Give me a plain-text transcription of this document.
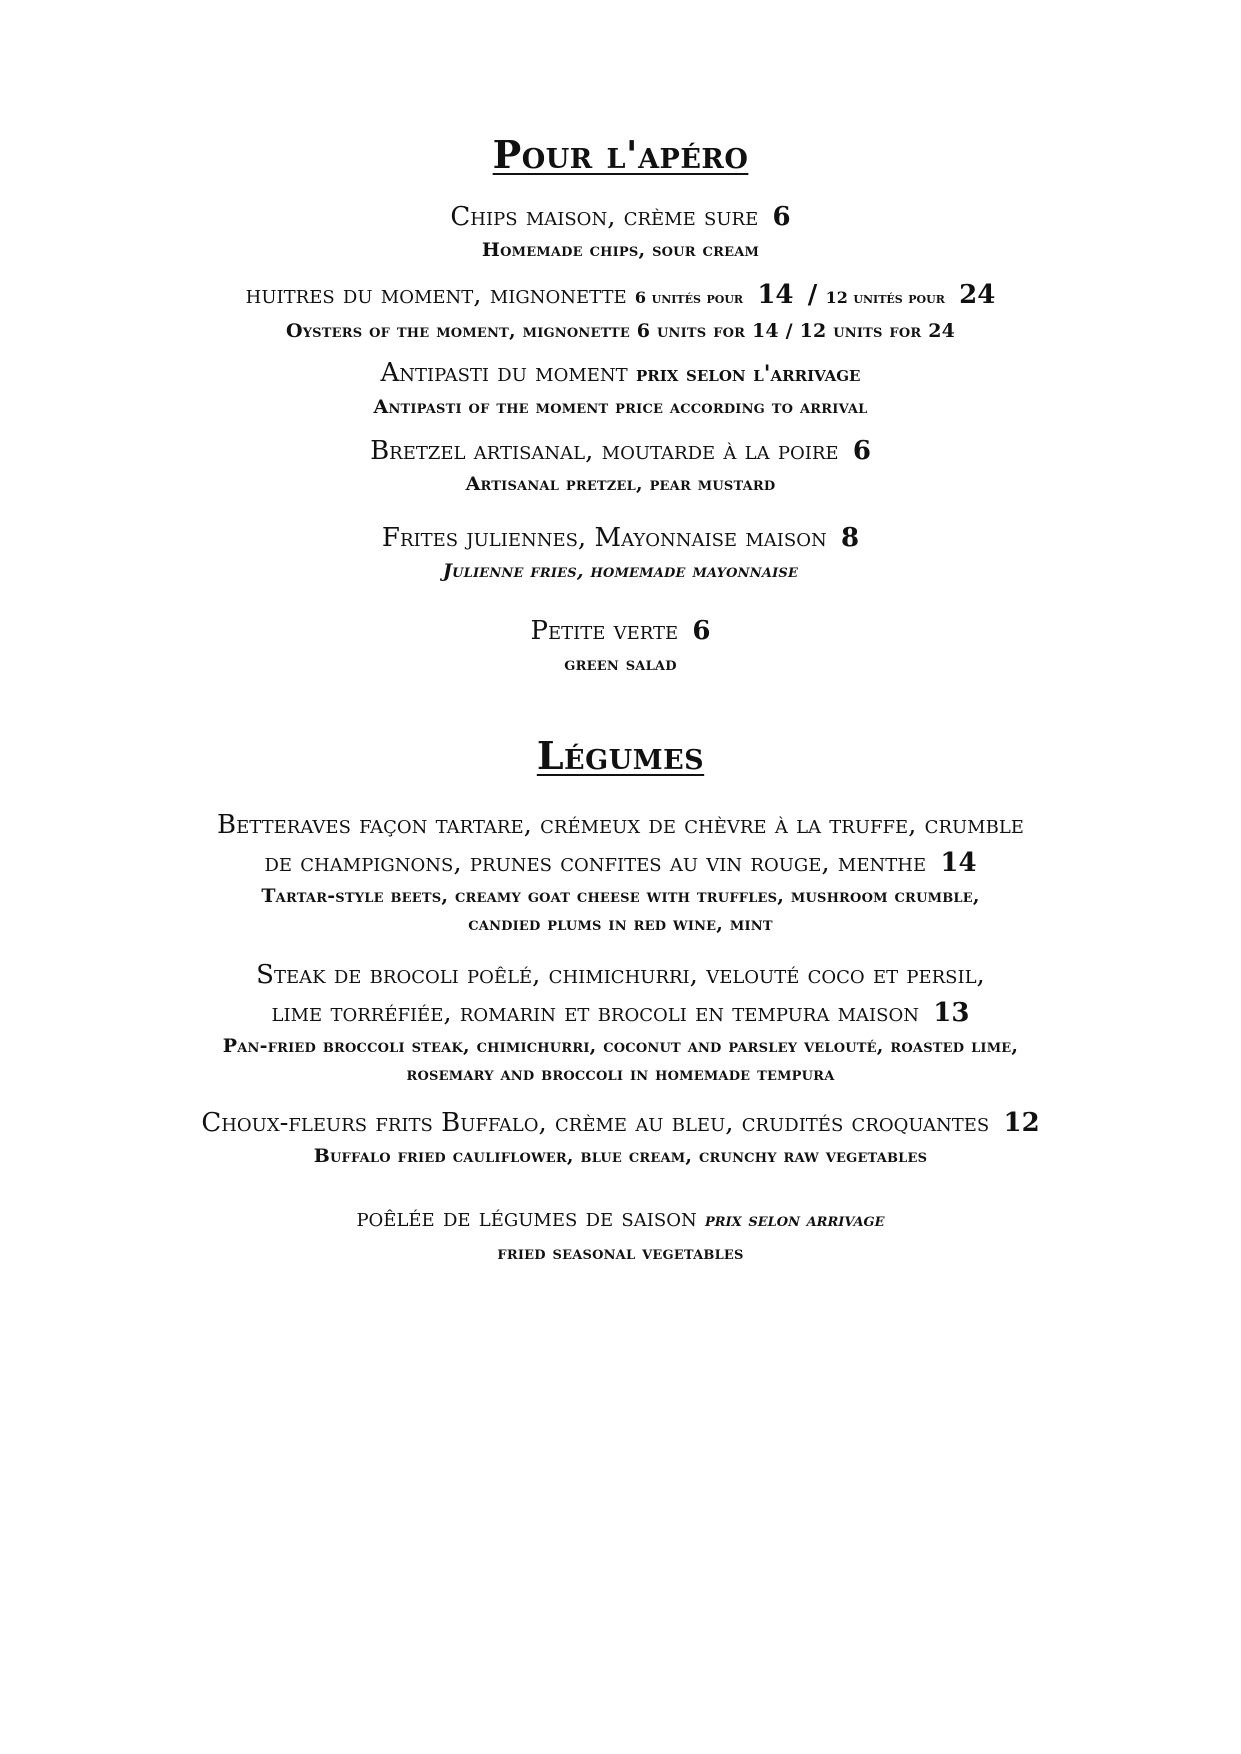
Pour l'apéro
Chips maison, crème sure 6
Homemade chips, sour cream
huitres du moment, mignonette 6 unités pour 14 / 12 unités pour 24
Oysters of the moment, mignonette 6 units for 14 / 12 units for 24
Antipasti du moment prix selon l'arrivage
Antipasti of the moment price according to arrival
Bretzel artisanal, moutarde à la poire 6
Artisanal pretzel, pear mustard
Frites juliennes, Mayonnaise maison 8
Julienne fries, homemade mayonnaise
Petite verte 6
green salad
Légumes
Betteraves façon tartare, crémeux de chèvre à la truffe, crumble
de champignons, prunes confites au vin rouge, menthe 14
Tartar-style beets, creamy goat cheese with truffles, mushroom crumble,
candied plums in red wine, mint
Steak de brocoli poêlé, chimichurri, velouté coco et persil,
lime torréfiée, romarin et brocoli en tempura maison 13
Pan-fried broccoli steak, chimichurri, coconut and parsley velouté, roasted lime,
rosemary and broccoli in homemade tempura
Choux-fleurs frits Buffalo, crème au bleu, crudités croquantes 12
Buffalo fried cauliflower, blue cream, crunchy raw vegetables
poêlée de légumes de saison prix selon arrivage
fried seasonal vegetables
